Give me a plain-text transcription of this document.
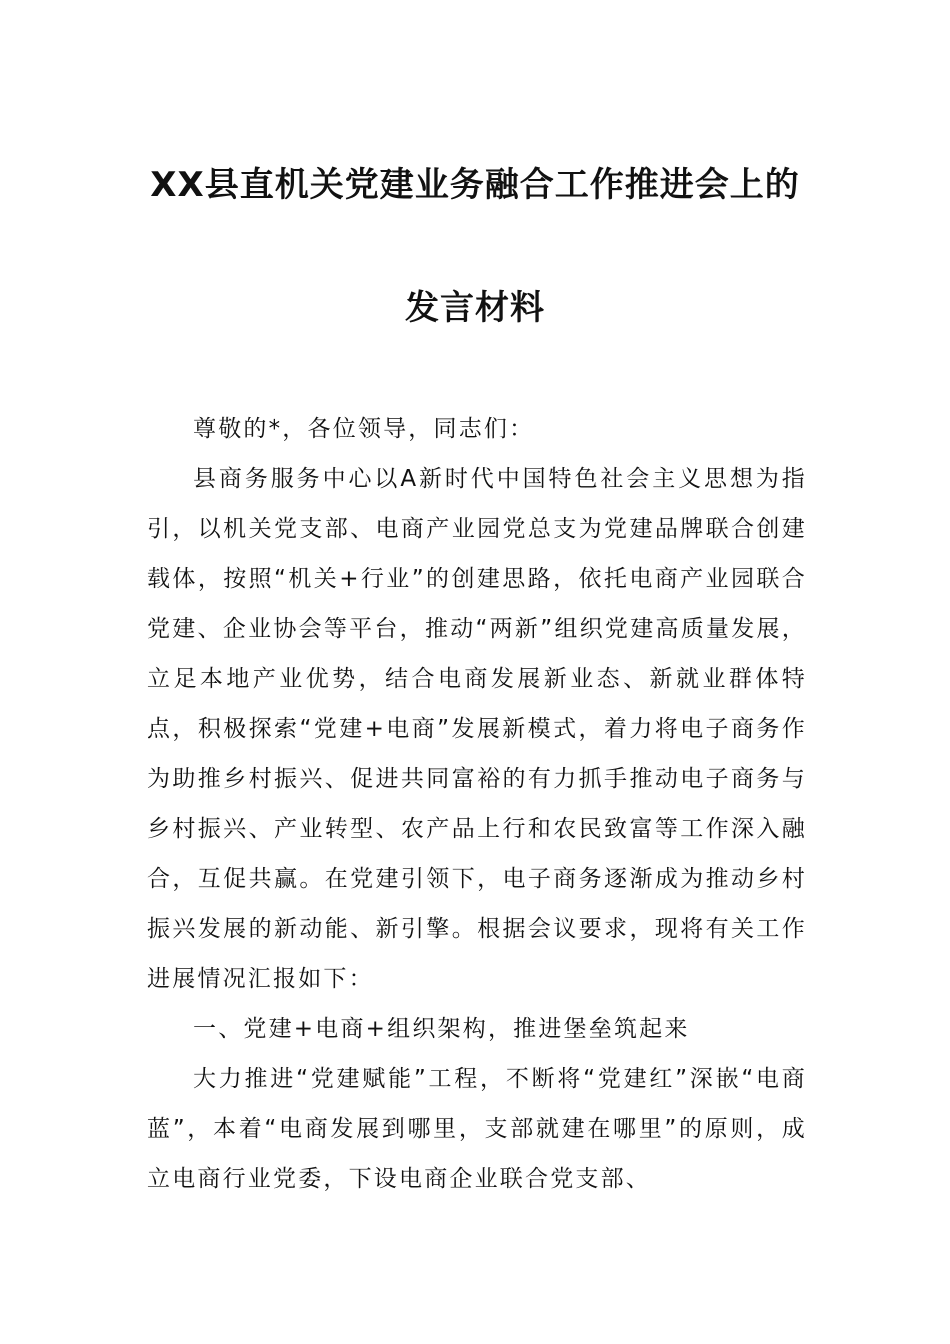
XX县直机关党建业务融合工作推进会上的
发言材料

尊敬的*，各位领导，同志们：

县商务服务中心以A新时代中国特色社会主义思想为指引，以机关党支部、电商产业园党总支为党建品牌联合创建载体，按照“机关+行业”的创建思路，依托电商产业园联合党建、企业协会等平台，推动“两新”组织党建高质量发展，立足本地产业优势，结合电商发展新业态、新就业群体特点，积极探索“党建+电商”发展新模式，着力将电子商务作为助推乡村振兴、促进共同富裕的有力抓手推动电子商务与乡村振兴、产业转型、农产品上行和农民致富等工作深入融合，互促共赢。在党建引领下，电子商务逐渐成为推动乡村振兴发展的新动能、新引擎。根据会议要求，现将有关工作进展情况汇报如下：

一、党建+电商+组织架构，推进堡垒筑起来

大力推进“党建赋能”工程，不断将“党建红”深嵌“电商蓝”，本着“电商发展到哪里，支部就建在哪里”的原则，成立电商行业党委，下设电商企业联合党支部、
